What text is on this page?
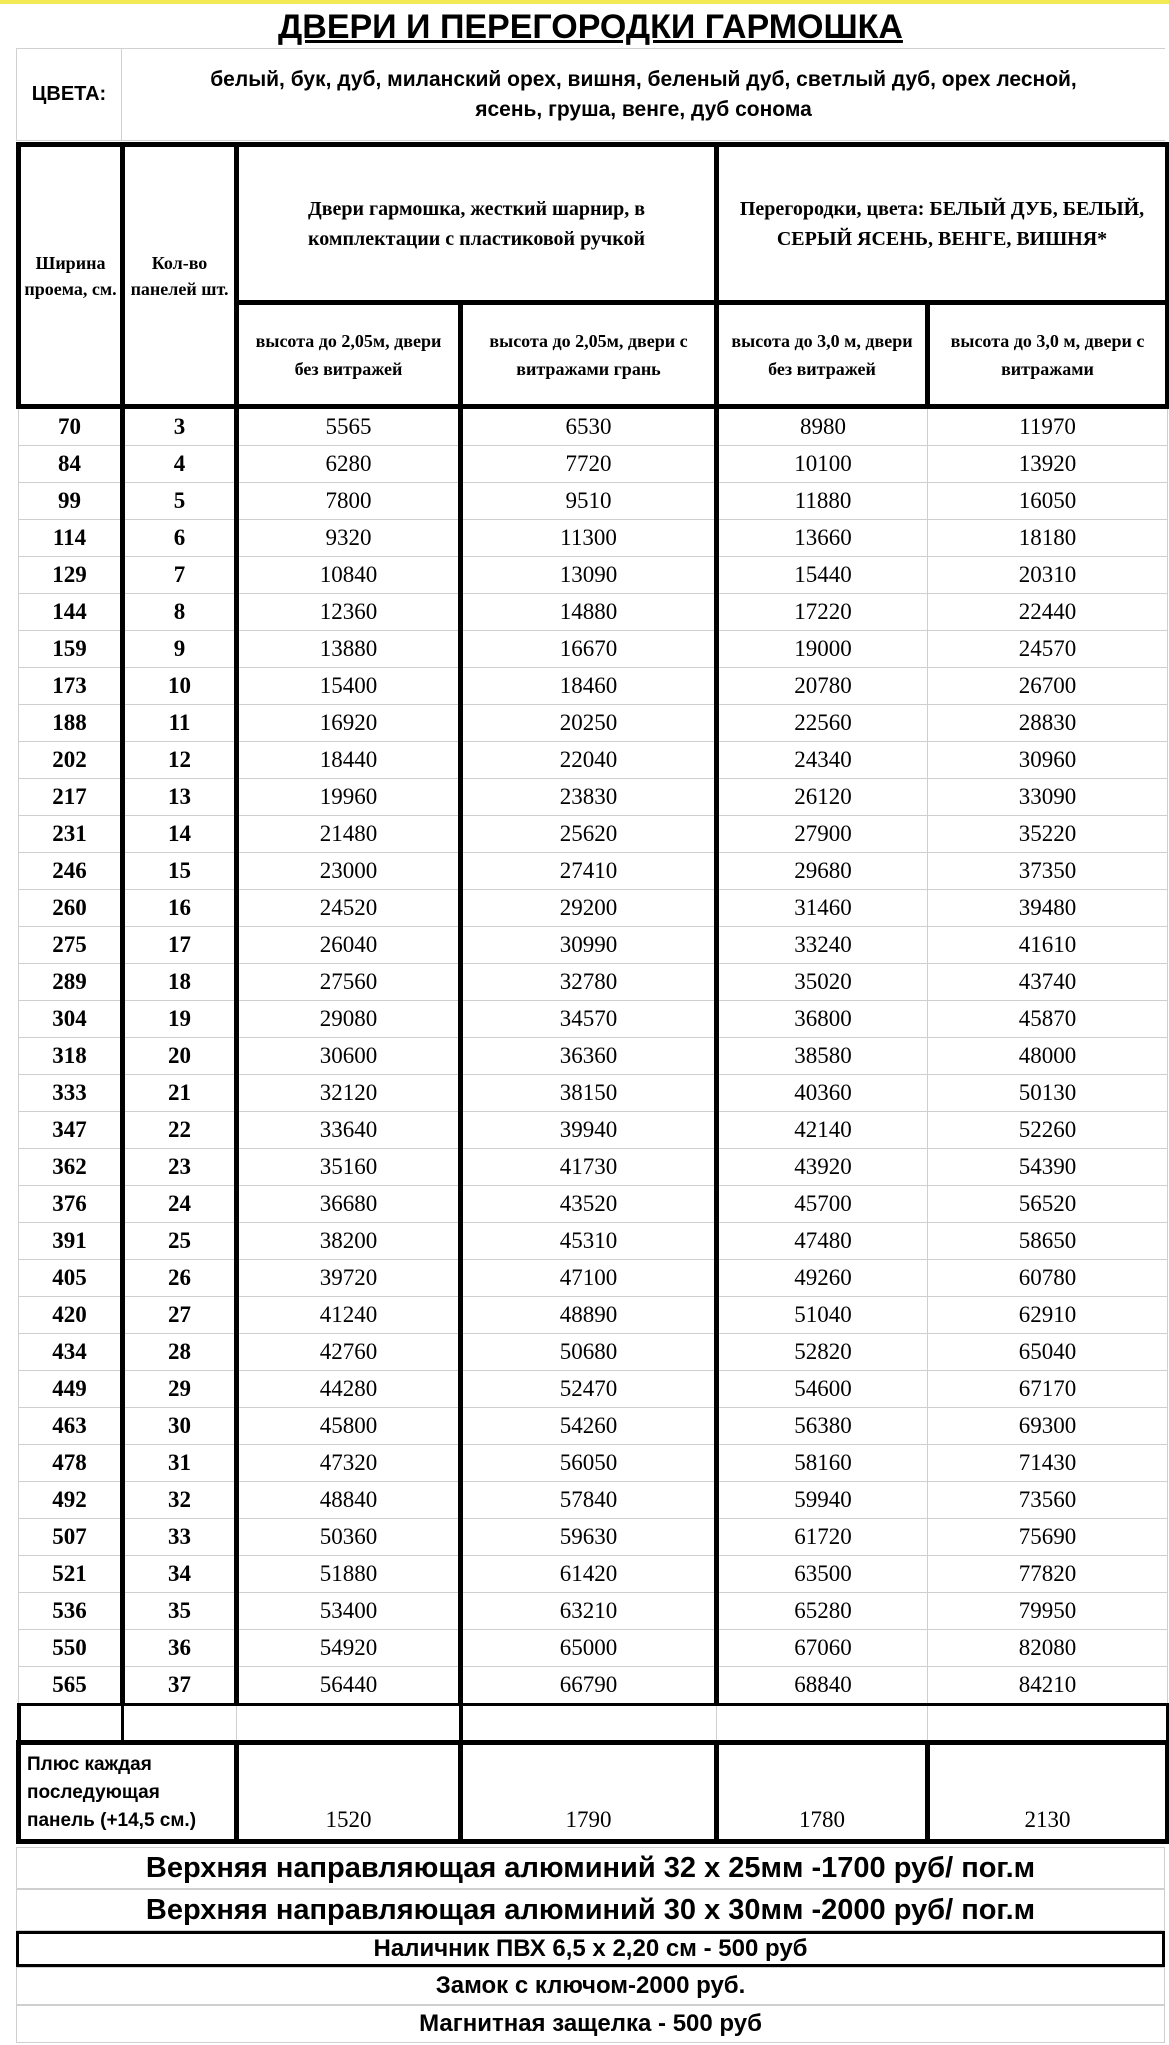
ДВЕРИ И ПЕРЕГОРОДКИ ГАРМОШКА
ЦВЕТА:
белый, бук, дуб, миланский орех, вишня, беленый дуб, светлый дуб, орех лесной,
ясень, груша, венге, дуб сонома
Ширина проема, см.	Кол-во панелей шт.	Двери гармошка, жесткий шарнир, в комплектации с пластиковой ручкой		Перегородки, цвета: БЕЛЫЙ ДУБ, БЕЛЫЙ, СЕРЫЙ ЯСЕНЬ, ВЕНГЕ, ВИШНЯ*	
		высота до 2,05м, двери без витражей	высота до 2,05м, двери с витражами грань	высота до 3,0 м, двери без витражей	высота до 3,0 м, двери с витражами
70	3	5565	6530	8980	11970
84	4	6280	7720	10100	13920
99	5	7800	9510	11880	16050
114	6	9320	11300	13660	18180
129	7	10840	13090	15440	20310
144	8	12360	14880	17220	22440
159	9	13880	16670	19000	24570
173	10	15400	18460	20780	26700
188	11	16920	20250	22560	28830
202	12	18440	22040	24340	30960
217	13	19960	23830	26120	33090
231	14	21480	25620	27900	35220
246	15	23000	27410	29680	37350
260	16	24520	29200	31460	39480
275	17	26040	30990	33240	41610
289	18	27560	32780	35020	43740
304	19	29080	34570	36800	45870
318	20	30600	36360	38580	48000
333	21	32120	38150	40360	50130
347	22	33640	39940	42140	52260
362	23	35160	41730	43920	54390
376	24	36680	43520	45700	56520
391	25	38200	45310	47480	58650
405	26	39720	47100	49260	60780
420	27	41240	48890	51040	62910
434	28	42760	50680	52820	65040
449	29	44280	52470	54600	67170
463	30	45800	54260	56380	69300
478	31	47320	56050	58160	71430
492	32	48840	57840	59940	73560
507	33	50360	59630	61720	75690
521	34	51880	61420	63500	77820
536	35	53400	63210	65280	79950
550	36	54920	65000	67060	82080
565	37	56440	66790	68840	84210

Плюс каждая последующая панель (+14,5 см.)		1520	1790	1780	2130
Верхняя направляющая алюминий 32 х 25мм -1700 руб/ пог.м
Верхняя направляющая алюминий 30 х 30мм -2000 руб/ пог.м
Наличник ПВХ 6,5 х 2,20 см - 500 руб
Замок с ключом-2000 руб.
Магнитная защелка - 500 руб
